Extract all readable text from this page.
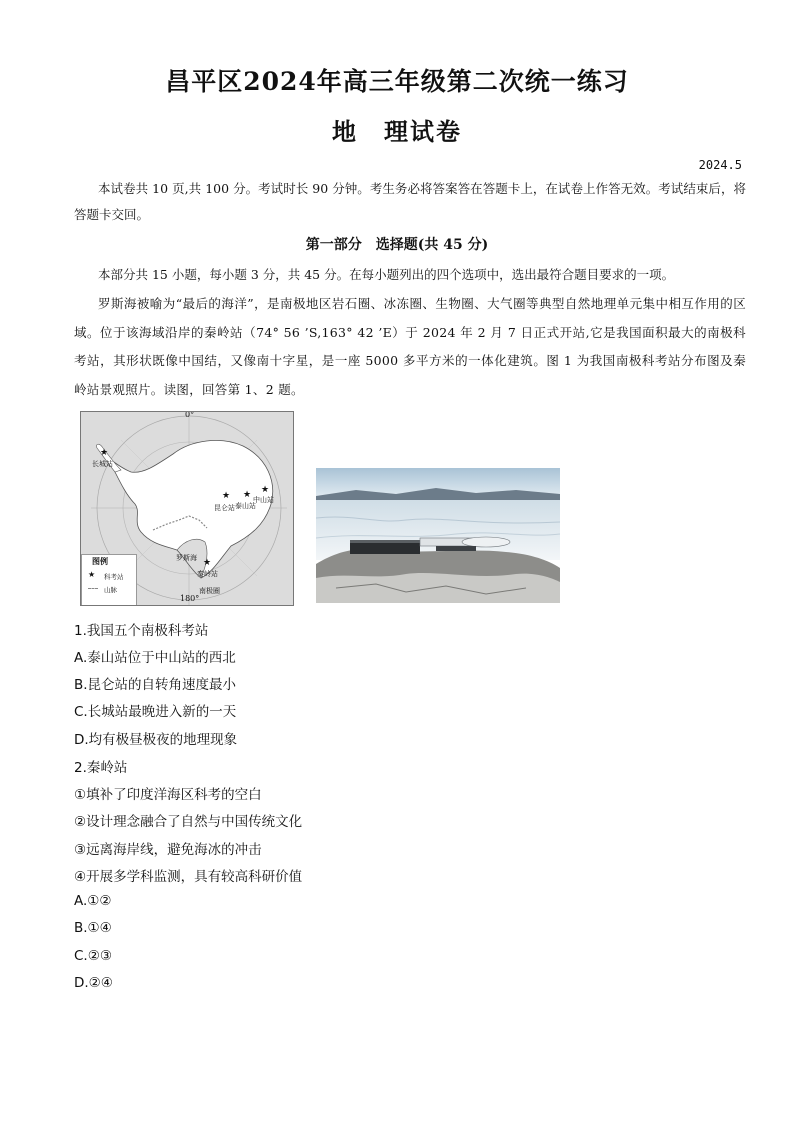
昌平区2024年高三年级第二次统一练习
地　理试卷
2024.5
本试卷共 10 页,共 100 分。考试时长 90 分钟。考生务必将答案答在答题卡上，在试卷上作答无效。考试结束后，将答题卡交回。
第一部分　选择题(共 45 分)
本部分共 15 小题，每小题 3 分，共 45 分。在每小题列出的四个选项中，选出最符合题目要求的一项。
罗斯海被喻为“最后的海洋”，是南极地区岩石圈、冰冻圈、生物圈、大气圈等典型自然地理单元集中相互作用的区域。位于该海域沿岸的秦岭站（74° 56 ’S,163° 42 ’E）于 2024 年 2 月 7 日正式开站,它是我国面积最大的南极科考站，其形状既像中国结，又像南十字星，是一座 5000 多平方米的一体化建筑。图 1 为我国南极科考站分布图及秦岭站景观照片。读图，回答第 1、2 题。
0°
180°
★
长城站
★
昆仑站
★
泰山站
★
中山站
★
秦岭站
罗斯海
南极圈
图例
★ 科考站
山脉
1.我国五个南极科考站
A.泰山站位于中山站的西北
B.昆仑站的自转角速度最小
C.长城站最晚进入新的一天
D.均有极昼极夜的地理现象
2.秦岭站
①填补了印度洋海区科考的空白
②设计理念融合了自然与中国传统文化
③远离海岸线，避免海冰的冲击
④开展多学科监测，具有较高科研价值
A.①②
B.①④
C.②③
D.②④
